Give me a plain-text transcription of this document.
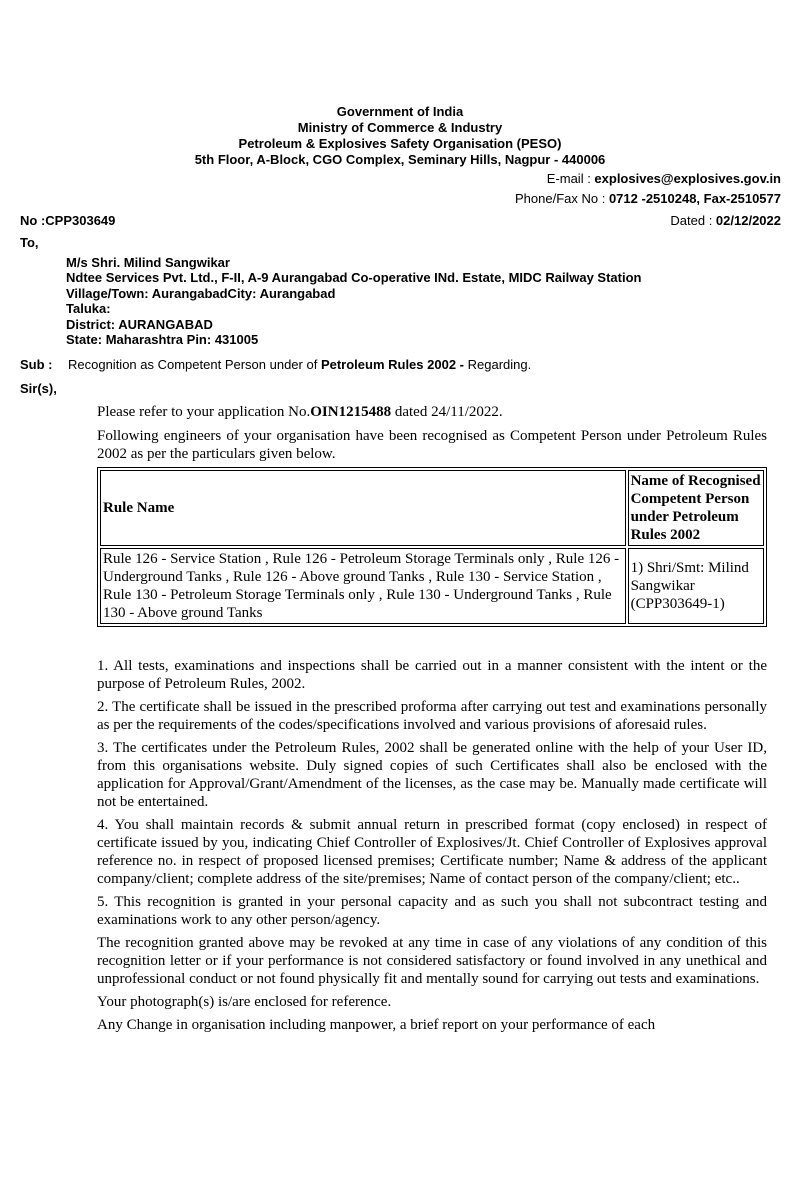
Government of India
Ministry of Commerce & Industry
Petroleum & Explosives Safety Organisation (PESO)
5th Floor, A-Block, CGO Complex, Seminary Hills, Nagpur - 440006
E-mail : explosives@explosives.gov.in
Phone/Fax No : 0712 -2510248, Fax-2510577
No :CPP303649	Dated : 02/12/2022
To,
M/s Shri. Milind Sangwikar
Ndtee Services Pvt. Ltd., F-II, A-9 Aurangabad Co-operative INd. Estate, MIDC Railway Station
Village/Town: AurangabadCity: Aurangabad
Taluka:
District: AURANGABAD
State: Maharashtra Pin: 431005
Sub : Recognition as Competent Person under of Petroleum Rules 2002 - Regarding.
Sir(s),
Please refer to your application No.OIN1215488 dated 24/11/2022.
Following engineers of your organisation have been recognised as Competent Person under Petroleum Rules 2002 as per the particulars given below.
Rule Name	Name of Recognised Competent Person under Petroleum Rules 2002
Rule 126 - Service Station , Rule 126 - Petroleum Storage Terminals only , Rule 126 - Underground Tanks , Rule 126 - Above ground Tanks , Rule 130 - Service Station , Rule 130 - Petroleum Storage Terminals only , Rule 130 - Underground Tanks , Rule 130 - Above ground Tanks	1) Shri/Smt: Milind Sangwikar (CPP303649-1)

1. All tests, examinations and inspections shall be carried out in a manner consistent with the intent or the purpose of Petroleum Rules, 2002.

2. The certificate shall be issued in the prescribed proforma after carrying out test and examinations personally as per the requirements of the codes/specifications involved and various provisions of aforesaid rules.

3. The certificates under the Petroleum Rules, 2002 shall be generated online with the help of your User ID, from this organisations website. Duly signed copies of such Certificates shall also be enclosed with the application for Approval/Grant/Amendment of the licenses, as the case may be. Manually made certificate will not be entertained.

4. You shall maintain records & submit annual return in prescribed format (copy enclosed) in respect of certificate issued by you, indicating Chief Controller of Explosives/Jt. Chief Controller of Explosives approval reference no. in respect of proposed licensed premises; Certificate number; Name & address of the applicant company/client; complete address of the site/premises; Name of contact person of the company/client; etc..

5. This recognition is granted in your personal capacity and as such you shall not subcontract testing and examinations work to any other person/agency.

The recognition granted above may be revoked at any time in case of any violations of any condition of this recognition letter or if your performance is not considered satisfactory or found involved in any unethical and unprofessional conduct or not found physically fit and mentally sound for carrying out tests and examinations.

Your photograph(s) is/are enclosed for reference.

Any Change in organisation including manpower, a brief report on your performance of each
